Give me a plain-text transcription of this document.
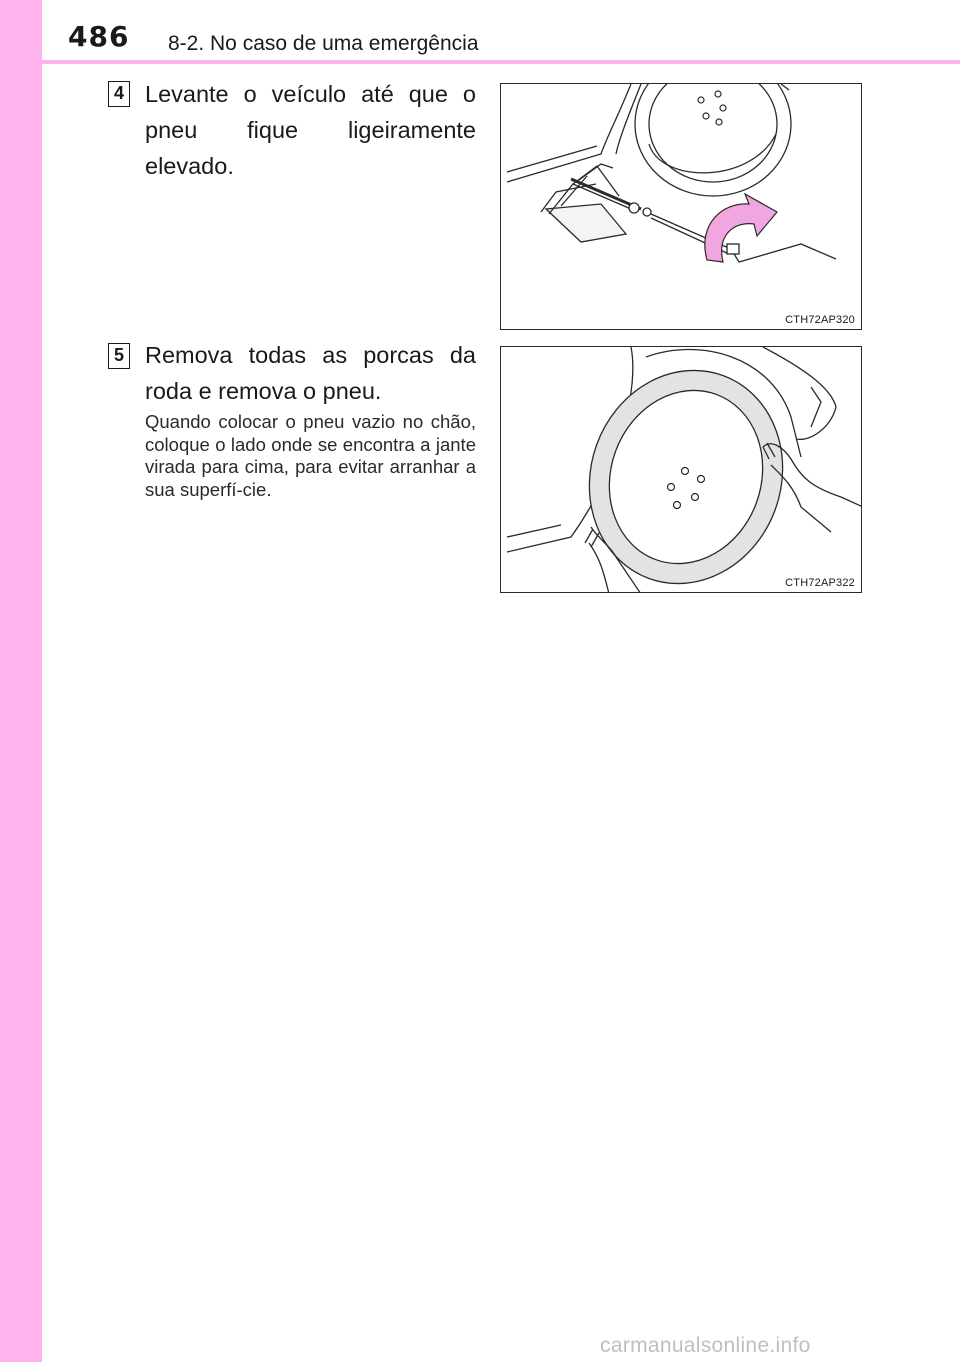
486 8-2. No caso de uma emergência
4 Levante o veículo até que o pneu fique ligeiramente elevado.
CTH72AP320
5 Remova todas as porcas da roda e remova o pneu.
Quando colocar o pneu vazio no chão, coloque o lado onde se encontra a jante virada para cima, para evitar arranhar a sua superfí-cie.
CTH72AP322
carmanualsonline.info
